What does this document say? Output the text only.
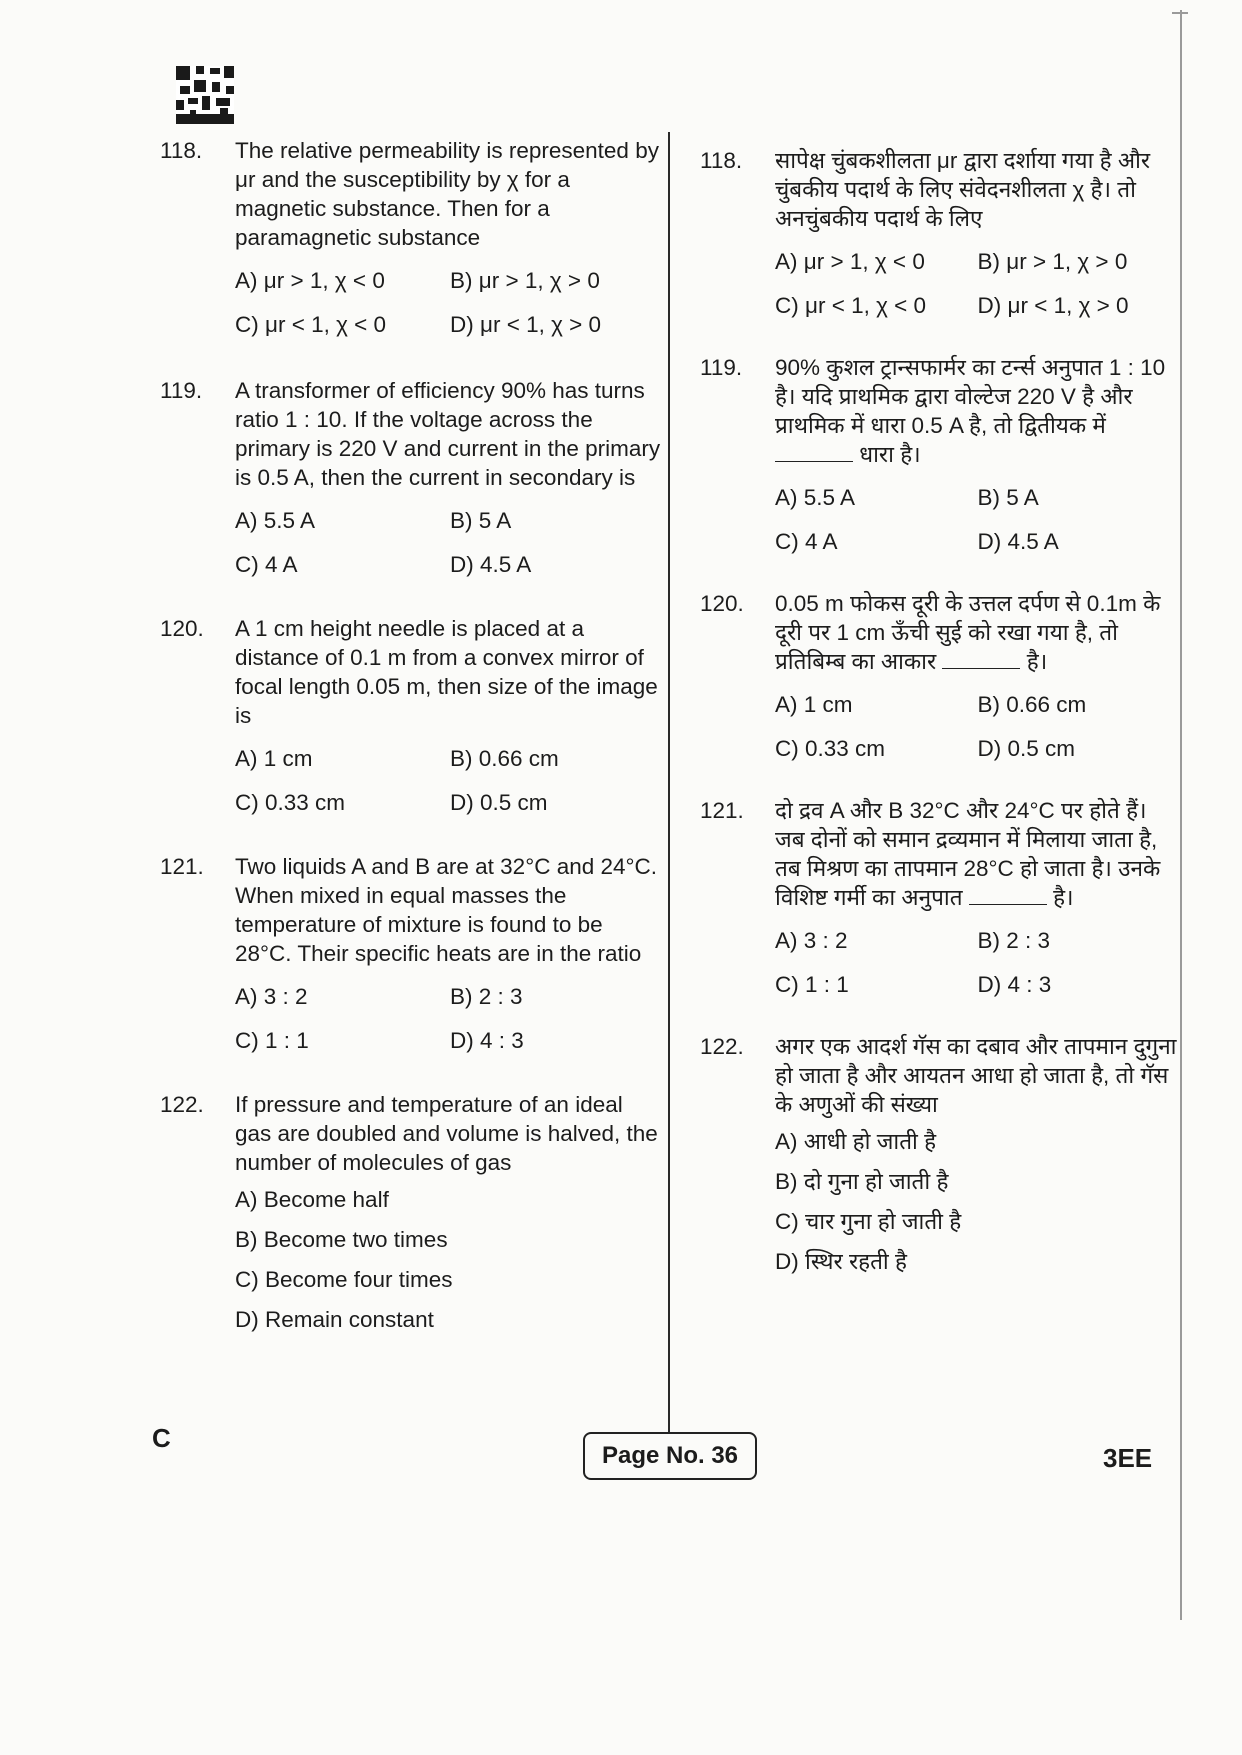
118. The relative permeability is represented by μr and the susceptibility by χ for a magnetic substance. Then for a paramagnetic substance
A) μr > 1, χ < 0	B) μr > 1, χ > 0
C) μr < 1, χ < 0	D) μr < 1, χ > 0
119. A transformer of efficiency 90% has turns ratio 1 : 10. If the voltage across the primary is 220 V and current in the primary is 0.5 A, then the current in secondary is
A) 5.5 A	B) 5 A
C) 4 A	D) 4.5 A
120. A 1 cm height needle is placed at a distance of 0.1 m from a convex mirror of focal length 0.05 m, then size of the image is
A) 1 cm	B) 0.66 cm
C) 0.33 cm	D) 0.5 cm
121. Two liquids A and B are at 32°C and 24°C. When mixed in equal masses the temperature of mixture is found to be 28°C. Their specific heats are in the ratio
A) 3 : 2	B) 2 : 3
C) 1 : 1	D) 4 : 3
122. If pressure and temperature of an ideal gas are doubled and volume is halved, the number of molecules of gas
A) Become half
B) Become two times
C) Become four times
D) Remain constant
118. सापेक्ष चुंबकशीलता μr द्वारा दर्शाया गया है और चुंबकीय पदार्थ के लिए संवेदनशीलता χ है। तो अनचुंबकीय पदार्थ के लिए
A) μr > 1, χ < 0	B) μr > 1, χ > 0
C) μr < 1, χ < 0	D) μr < 1, χ > 0
119. 90% कुशल ट्रान्सफार्मर का टर्न्स अनुपात 1 : 10 है। यदि प्राथमिक द्वारा वोल्टेज 220 V है और प्राथमिक में धारा 0.5 A है, तो द्वितीयक में  धारा है।
A) 5.5 A	B) 5 A
C) 4 A	D) 4.5 A
120. 0.05 m फोकस दूरी के उत्तल दर्पण से 0.1m के दूरी पर 1 cm ऊँची सुई को रखा गया है, तो प्रतिबिम्ब का आकार	है।
A) 1 cm	B) 0.66 cm
C) 0.33 cm	D) 0.5 cm
121. दो द्रव A और B 32°C और 24°C पर होते हैं। जब दोनों को समान द्रव्यमान में मिलाया जाता है, तब मिश्रण का तापमान 28°C हो जाता है। उनके विशिष्ट गर्मी का अनुपात	है।
A) 3 : 2	B) 2 : 3
C) 1 : 1	D) 4 : 3
122. अगर एक आदर्श गॅस का दबाव और तापमान दुगुना हो जाता है और आयतन आधा हो जाता है, तो गॅस के अणुओं की संख्या
A) आधी हो जाती है
B) दो गुना हो जाती है
C) चार गुना हो जाती है
D) स्थिर रहती है
C
Page No. 36	3EE
